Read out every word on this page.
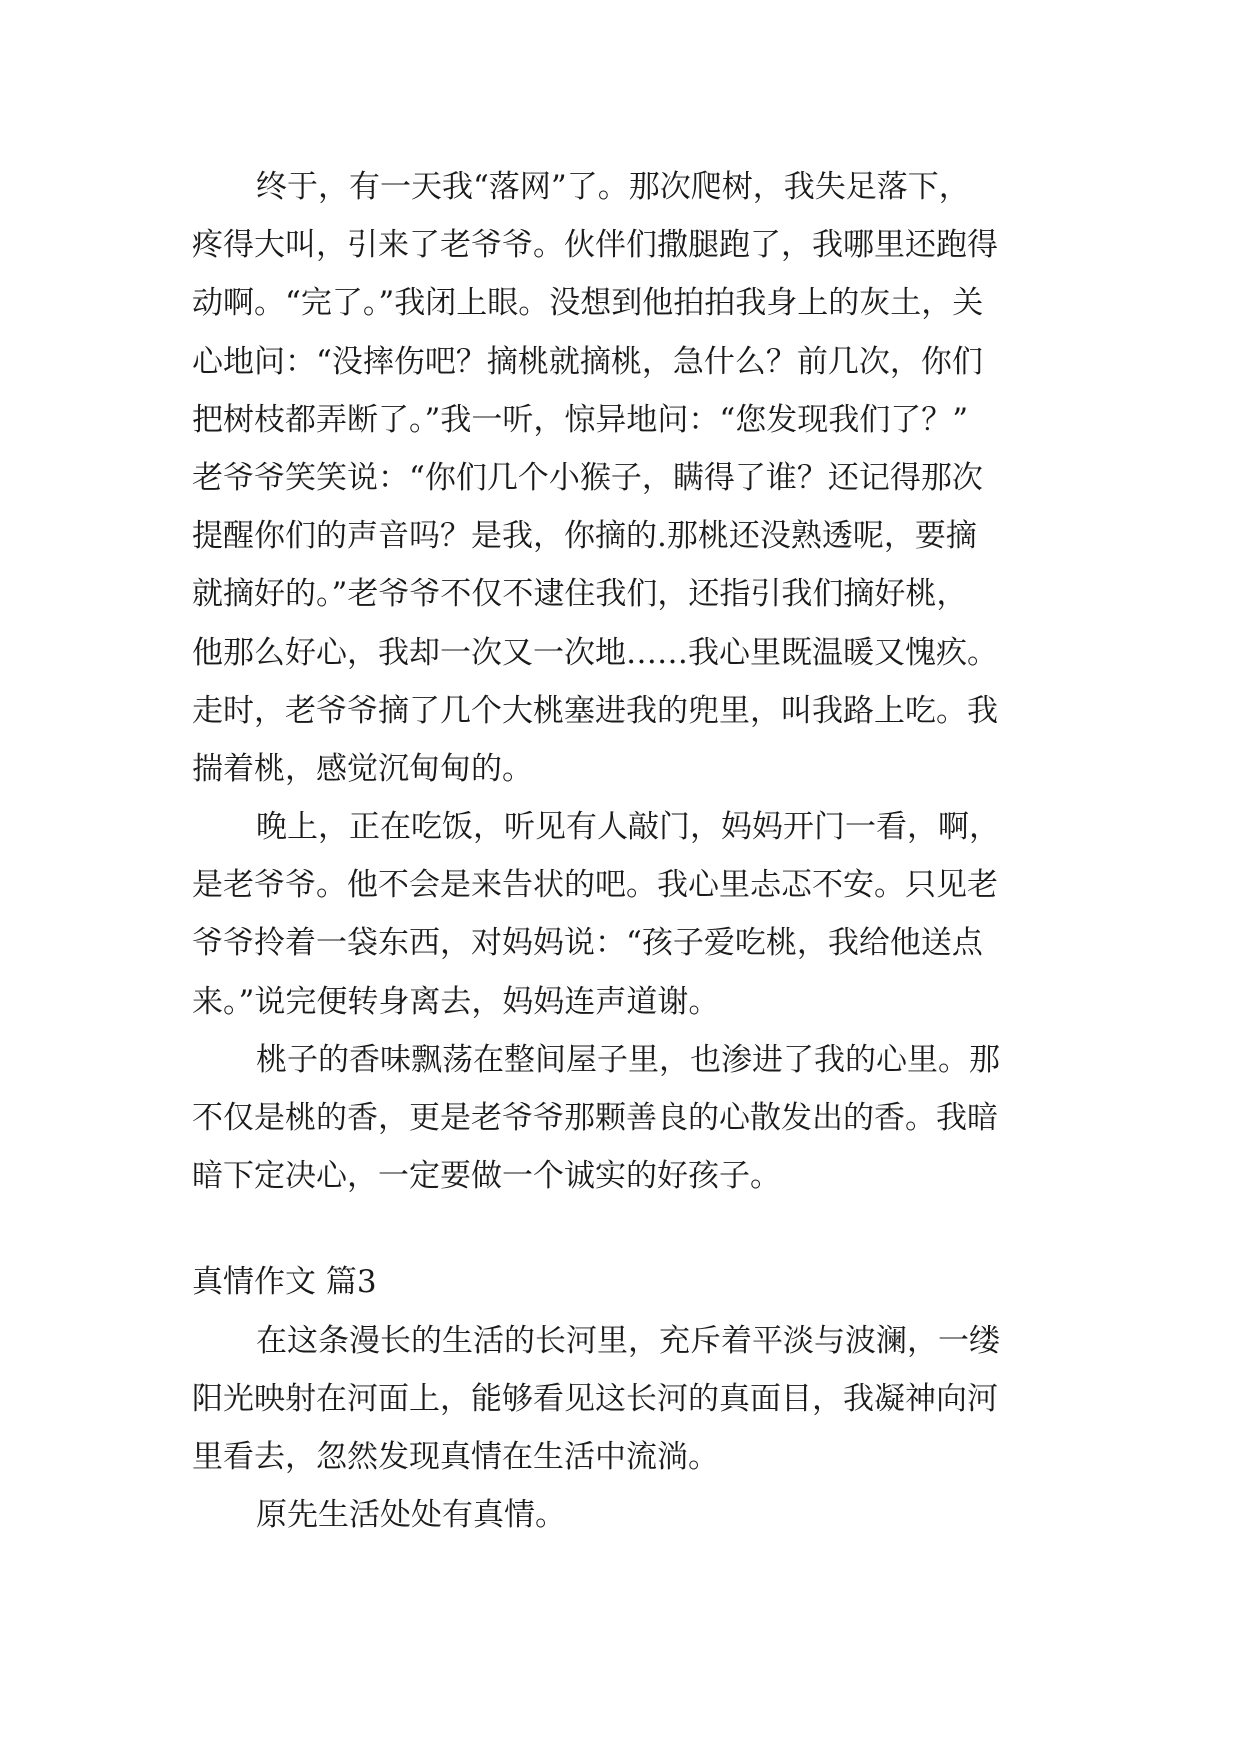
终于，有一天我“落网”了。那次爬树，我失足落下，
疼得大叫，引来了老爷爷。伙伴们撒腿跑了，我哪里还跑得
动啊。“完了。”我闭上眼。没想到他拍拍我身上的灰土，关
心地问：“没摔伤吧？摘桃就摘桃，急什么？前几次，你们
把树枝都弄断了。”我一听，惊异地问：“您发现我们了？”
老爷爷笑笑说：“你们几个小猴子，瞒得了谁？还记得那次
提醒你们的声音吗？是我，你摘的.那桃还没熟透呢，要摘
就摘好的。”老爷爷不仅不逮住我们，还指引我们摘好桃，
他那么好心，我却一次又一次地……我心里既温暖又愧疚。
走时，老爷爷摘了几个大桃塞进我的兜里，叫我路上吃。我
揣着桃，感觉沉甸甸的。
晚上，正在吃饭，听见有人敲门，妈妈开门一看，啊，
是老爷爷。他不会是来告状的吧。我心里忐忑不安。只见老
爷爷拎着一袋东西，对妈妈说：“孩子爱吃桃，我给他送点
来。”说完便转身离去，妈妈连声道谢。
桃子的香味飘荡在整间屋子里，也渗进了我的心里。那
不仅是桃的香，更是老爷爷那颗善良的心散发出的香。我暗
暗下定决心，一定要做一个诚实的好孩子。
真情作文 篇3
在这条漫长的生活的长河里，充斥着平淡与波澜，一缕
阳光映射在河面上，能够看见这长河的真面目，我凝神向河
里看去，忽然发现真情在生活中流淌。
原先生活处处有真情。
